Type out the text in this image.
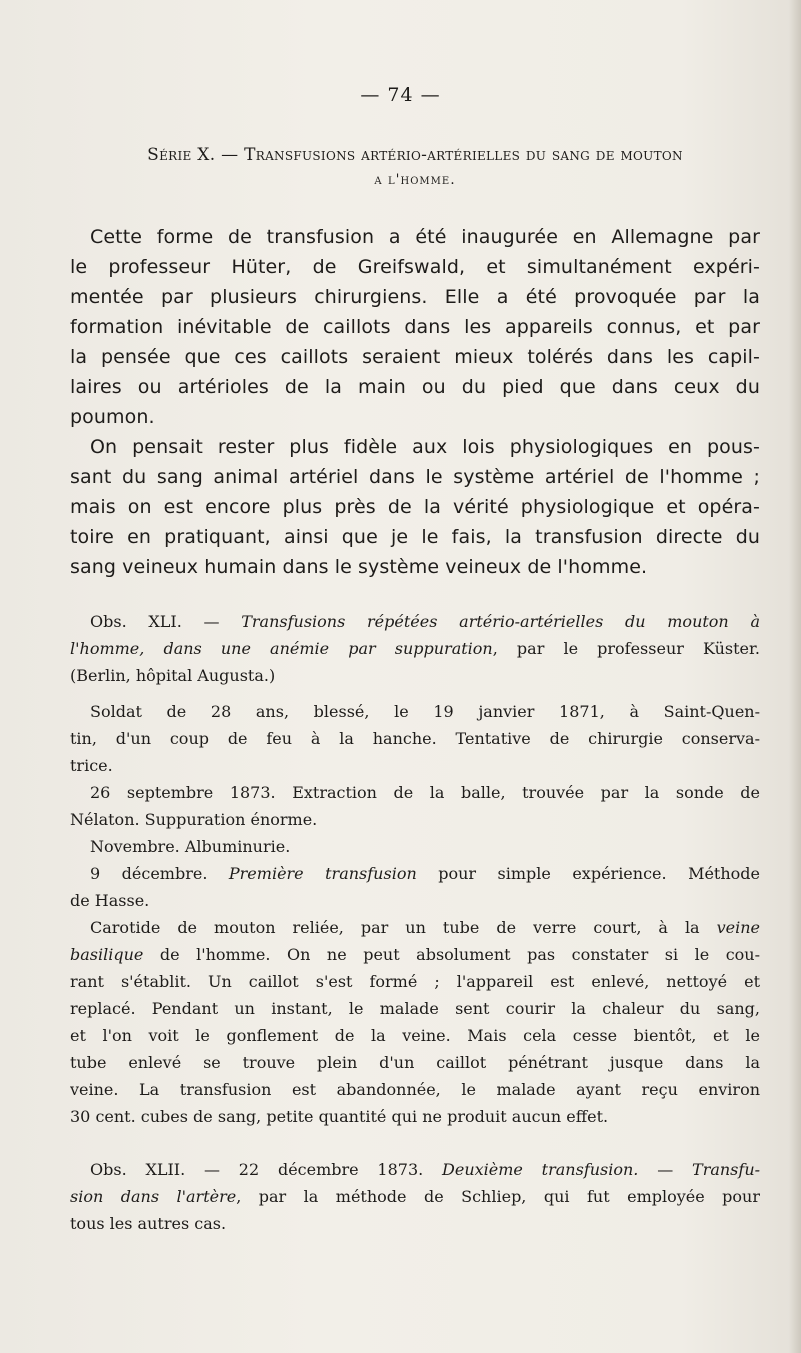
— 74 —
Série X. — Transfusions artério-artérielles du sang de mouton
a l'homme.
Cette forme de transfusion a été inaugurée en Allemagne par
le professeur Hüter, de Greifswald, et simultanément expéri-
mentée par plusieurs chirurgiens. Elle a été provoquée par la
formation inévitable de caillots dans les appareils connus, et par
la pensée que ces caillots seraient mieux tolérés dans les capil-
laires ou artérioles de la main ou du pied que dans ceux du
poumon.
On pensait rester plus fidèle aux lois physiologiques en pous-
sant du sang animal artériel dans le système artériel de l'homme ;
mais on est encore plus près de la vérité physiologique et opéra-
toire en pratiquant, ainsi que je le fais, la transfusion directe du
sang veineux humain dans le système veineux de l'homme.
Obs. XLI. — Transfusions répétées artério-artérielles du mouton à
l'homme, dans une anémie par suppuration, par le professeur Küster.
(Berlin, hôpital Augusta.)
Soldat de 28 ans, blessé, le 19 janvier 1871, à Saint-Quen-
tin, d'un coup de feu à la hanche. Tentative de chirurgie conserva-
trice.
26 septembre 1873. Extraction de la balle, trouvée par la sonde de
Nélaton. Suppuration énorme.
Novembre. Albuminurie.
9 décembre. Première transfusion pour simple expérience. Méthode
de Hasse.
Carotide de mouton reliée, par un tube de verre court, à la veine
basilique de l'homme. On ne peut absolument pas constater si le cou-
rant s'établit. Un caillot s'est formé ; l'appareil est enlevé, nettoyé et
replacé. Pendant un instant, le malade sent courir la chaleur du sang,
et l'on voit le gonflement de la veine. Mais cela cesse bientôt, et le
tube enlevé se trouve plein d'un caillot pénétrant jusque dans la
veine. La transfusion est abandonnée, le malade ayant reçu environ
30 cent. cubes de sang, petite quantité qui ne produit aucun effet.
Obs. XLII. — 22 décembre 1873. Deuxième transfusion. — Transfu-
sion dans l'artère, par la méthode de Schliep, qui fut employée pour
tous les autres cas.
